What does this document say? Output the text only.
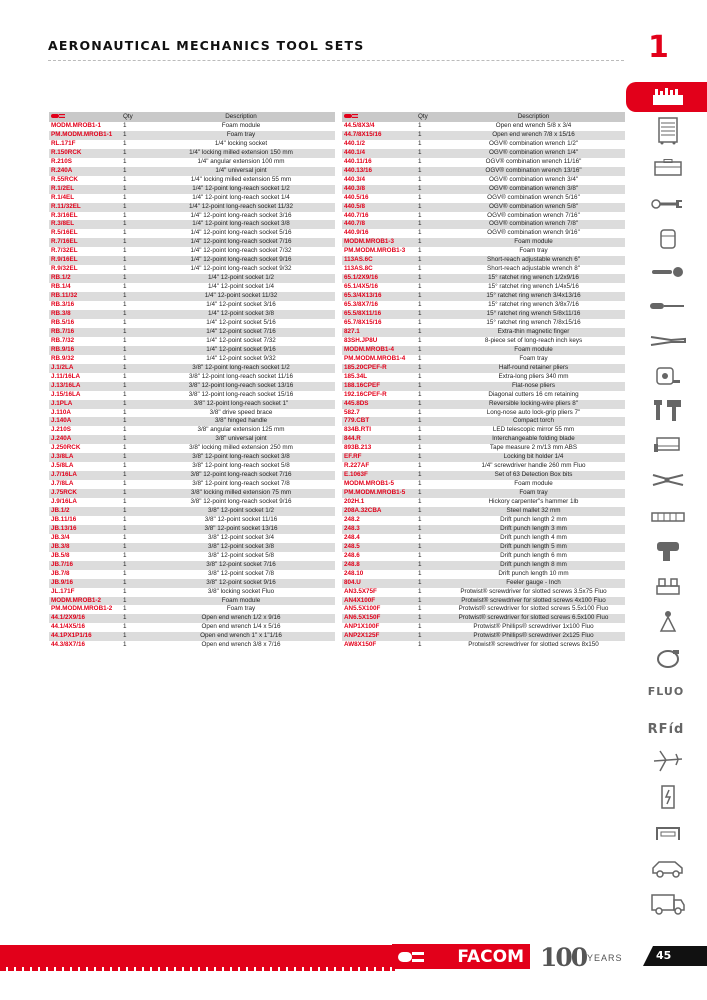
AERONAUTICAL MECHANICS TOOL SETS	1
	Qty	Description
MODM.MROB1-1	1	Foam module
PM.MODM.MROB1-1	1	Foam tray
RL.171F	1	1/4" locking socket
R.150RCK	1	1/4" locking milled extension 150 mm
R.210S	1	1/4" angular extension 100 mm
R.240A	1	1/4" universal joint
R.55RCK	1	1/4" locking milled extension 55 mm
R.1/2EL	1	1/4" 12-point long-reach socket 1/2
R.1/4EL	1	1/4" 12-point long-reach socket 1/4
R.11/32EL	1	1/4" 12-point long-reach socket 11/32
R.3/16EL	1	1/4" 12-point long-reach socket 3/16
R.3/8EL	1	1/4" 12-point long-reach socket 3/8
R.5/16EL	1	1/4" 12-point long-reach socket 5/16
R.7/16EL	1	1/4" 12-point long-reach socket 7/16
R.7/32EL	1	1/4" 12-point long-reach socket 7/32
R.9/16EL	1	1/4" 12-point long-reach socket 9/16
R.9/32EL	1	1/4" 12-point long-reach socket 9/32
RB.1/2	1	1/4" 12-point socket 1/2
RB.1/4	1	1/4" 12-point socket 1/4
RB.11/32	1	1/4" 12-point socket 11/32
RB.3/16	1	1/4" 12-point socket 3/16
RB.3/8	1	1/4" 12-point socket 3/8
RB.5/16	1	1/4" 12-point socket 5/16
RB.7/16	1	1/4" 12-point socket 7/16
RB.7/32	1	1/4" 12-point socket 7/32
RB.9/16	1	1/4" 12-point socket 9/16
RB.9/32	1	1/4" 12-point socket 9/32
J.1/2LA	1	3/8" 12-point long-reach socket 1/2
J.11/16LA	1	3/8" 12-point long-reach socket 11/16
J.13/16LA	1	3/8" 12-point long-reach socket 13/16
J.15/16LA	1	3/8" 12-point long-reach socket 15/16
J.1PLA	1	3/8" 12-point long-reach socket 1"
J.110A	1	3/8" drive speed brace
J.140A	1	3/8" hinged handle
J.210S	1	3/8" angular extension 125 mm
J.240A	1	3/8" universal joint
J.250RCK	1	3/8" locking milled extension 250 mm
J.3/8LA	1	3/8" 12-point long-reach socket 3/8
J.5/8LA	1	3/8" 12-point long-reach socket 5/8
J.7/16LA	1	3/8" 12-point long-reach socket 7/16
J.7/8LA	1	3/8" 12-point long-reach socket 7/8
J.75RCK	1	3/8" locking milled extension 75 mm
J.9/16LA	1	3/8" 12-point long-reach socket 9/16
JB.1/2	1	3/8" 12-point socket 1/2
JB.11/16	1	3/8" 12-point socket 11/16
JB.13/16	1	3/8" 12-point socket 13/16
JB.3/4	1	3/8" 12-point socket 3/4
JB.3/8	1	3/8" 12-point socket 3/8
JB.5/8	1	3/8" 12-point socket 5/8
JB.7/16	1	3/8" 12-point socket 7/16
JB.7/8	1	3/8" 12-point socket 7/8
JB.9/16	1	3/8" 12-point socket 9/16
JL.171F	1	3/8" locking socket Fluo
MODM.MROB1-2	1	Foam module
PM.MODM.MROB1-2	1	Foam tray
44.1/2X9/16	1	Open end wrench 1/2 x 9/16
44.1/4X5/16	1	Open end wrench 1/4 x 5/16
44.1PX1P1/16	1	Open end wrench 1" x 1"1/16
44.3/8X7/16	1	Open end wrench 3/8 x 7/16
	Qty	Description
44.5/8X3/4	1	Open end wrench 5/8 x 3/4
44.7/8X15/16	1	Open end wrench 7/8 x 15/16
440.1/2	1	OGV® combination wrench 1/2"
440.1/4	1	OGV® combination wrench 1/4"
440.11/16	1	OGV® combination wrench 11/16"
440.13/16	1	OGV® combination wrench 13/16"
440.3/4	1	OGV® combination wrench 3/4"
440.3/8	1	OGV® combination wrench 3/8"
440.5/16	1	OGV® combination wrench 5/16"
440.5/8	1	OGV® combination wrench 5/8"
440.7/16	1	OGV® combination wrench 7/16"
440.7/8	1	OGV® combination wrench 7/8"
440.9/16	1	OGV® combination wrench 9/16"
MODM.MROB1-3	1	Foam module
PM.MODM.MROB1-3	1	Foam tray
113AS.6C	1	Short-reach adjustable wrench 6"
113AS.8C	1	Short-reach adjustable wrench 8"
65.1/2X9/16	1	15° ratchet ring wrench 1/2x9/16
65.1/4X5/16	1	15° ratchet ring wrench 1/4x5/16
65.3/4X13/16	1	15° ratchet ring wrench 3/4x13/16
65.3/8X7/16	1	15° ratchet ring wrench 3/8x7/16
65.5/8X11/16	1	15° ratchet ring wrench 5/8x11/16
65.7/8X15/16	1	15° ratchet ring wrench 7/8x15/16
827.1	1	Extra-thin magnetic finger
83SH.JP8U	1	8-piece set of long-reach inch keys
MODM.MROB1-4	1	Foam module
PM.MODM.MROB1-4	1	Foam tray
185.20CPEF-R	1	Half-round retainer pliers
185.34L	1	Extra-long pliers 340 mm
188.16CPEF	1	Flat-nose pliers
192.16CPEF-R	1	Diagonal cutters 16 cm retaining
445.8DS	1	Reversible locking-wire pliers 8"
582.7	1	Long-nose auto lock-grip pliers 7"
779.CBT	1	Compact torch
834B.RTI	1	LED telescopic mirror 55 mm
844.R	1	Interchangeable folding blade
893B.213	1	Tape measure 2 m/13 mm ABS
EF.RF	1	Locking bit holder 1/4
R.227AF	1	1/4" screwdriver handle 260 mm Fluo
E.1063F	1	Set of 63 Detection Box bits
MODM.MROB1-5	1	Foam module
PM.MODM.MROB1-5	1	Foam tray
202H.1	1	Hickory carpenter"s hammer 1lb
208A.32CBA	1	Steel mallet 32 mm
248.2	1	Drift punch length 2 mm
248.3	1	Drift punch length 3 mm
248.4	1	Drift punch length 4 mm
248.5	1	Drift punch length 5 mm
248.6	1	Drift punch length 6 mm
248.8	1	Drift punch length 8 mm
248.10	1	Drift punch length 10 mm
804.U	1	Feeler gauge - Inch
AN3.5X75F	1	Protwist® screwdriver for slotted screws 3.5x75 Fluo
AN4X100F	1	Protwist® screwdriver for slotted screws 4x100 Fluo
AN5.5X100F	1	Protwist® screwdriver for slotted screws 5.5x100 Fluo
AN6.5X150F	1	Protwist® screwdriver for slotted screws 6.5x100 Fluo
ANP1X100F	1	Protwist® Phillips® screwdriver 1x100 Fluo
ANP2X125F	1	Protwist® Phillips® screwdriver 2x125 Fluo
AW8X150F	1	Protwist® screwdriver for slotted screws 8x150
FLUO
RFíd
FACOM 100 YEARS	45
